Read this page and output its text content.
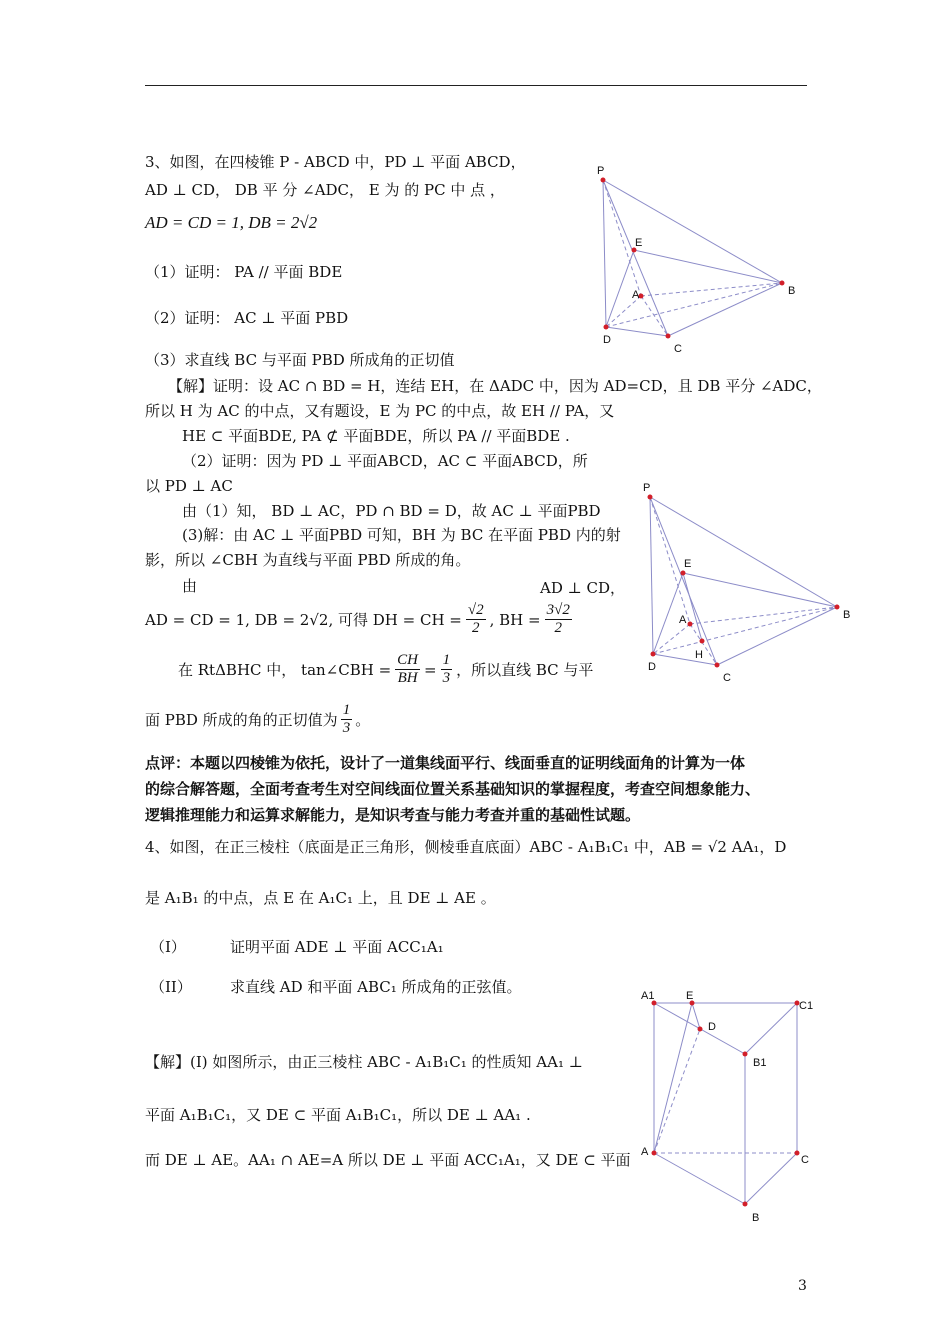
3、如图，在四棱锥 P - ABCD 中，PD ⊥ 平面 ABCD，
AD ⊥ CD， DB 平 分 ∠ADC， E 为 的 PC 中 点 ，
AD = CD = 1, DB = 2√2
（1）证明： PA // 平面 BDE
（2）证明： AC ⊥ 平面 PBD
（3）求直线 BC 与平面 PBD 所成角的正切值
【解】证明：设 AC ∩ BD = H，连结 EH，在 ΔADC 中，因为 AD=CD，且 DB 平分 ∠ADC，
所以 H 为 AC 的中点，又有题设，E 为 PC 的中点，故 EH // PA，又
HE ⊂ 平面BDE, PA ⊄ 平面BDE，所以 PA // 平面BDE .
（2）证明：因为 PD ⊥ 平面ABCD，AC ⊂ 平面ABCD，所
以 PD ⊥ AC
由（1）知， BD ⊥ AC，PD ∩ BD = D，故 AC ⊥ 平面PBD
(3)解：由 AC ⊥ 平面PBD 可知，BH 为 BC 在平面 PBD 内的射
影，所以 ∠CBH 为直线与平面 PBD 所成的角。
由	AD ⊥ CD，
AD = CD = 1, DB = 2√2, 可得 DH = CH = $\frac{√2}{2}$ , BH = $\frac{3√2}{2}$
在 RtΔBHC 中， tan∠CBH = $\frac{CH}{BH} = \frac{1}{3}$ ，所以直线 BC 与平
面 PBD 所成的角的正切值为 $\frac{1}{3}$ 。
点评：本题以四棱锥为依托，设计了一道集线面平行、线面垂直的证明线面角的计算为一体
的综合解答题，全面考查考生对空间线面位置关系基础知识的掌握程度，考查空间想象能力、
逻辑推理能力和运算求解能力，是知识考查与能力考查并重的基础性试题。
4、如图，在正三棱柱（底面是正三角形，侧棱垂直底面）ABC - A₁B₁C₁ 中，AB = √2 AA₁，D
是 A₁B₁ 的中点，点 E 在 A₁C₁ 上，且 DE ⊥ AE 。
（I）	证明平面 ADE ⊥ 平面 ACC₁A₁
（II）	求直线 AD 和平面 ABC₁ 所成角的正弦值。
【解】(I) 如图所示，由正三棱柱 ABC - A₁B₁C₁ 的性质知 AA₁ ⊥
平面 A₁B₁C₁，又 DE ⊂ 平面 A₁B₁C₁，所以 DE ⊥ AA₁ .
而 DE ⊥ AE。AA₁ ∩ AE=A 所以 DE ⊥ 平面 ACC₁A₁，又 DE ⊂ 平面
3
P
E
A	B
D
C
P
E
A
H
B
D
C
A1	E
D
C1
B1
A
C
B
